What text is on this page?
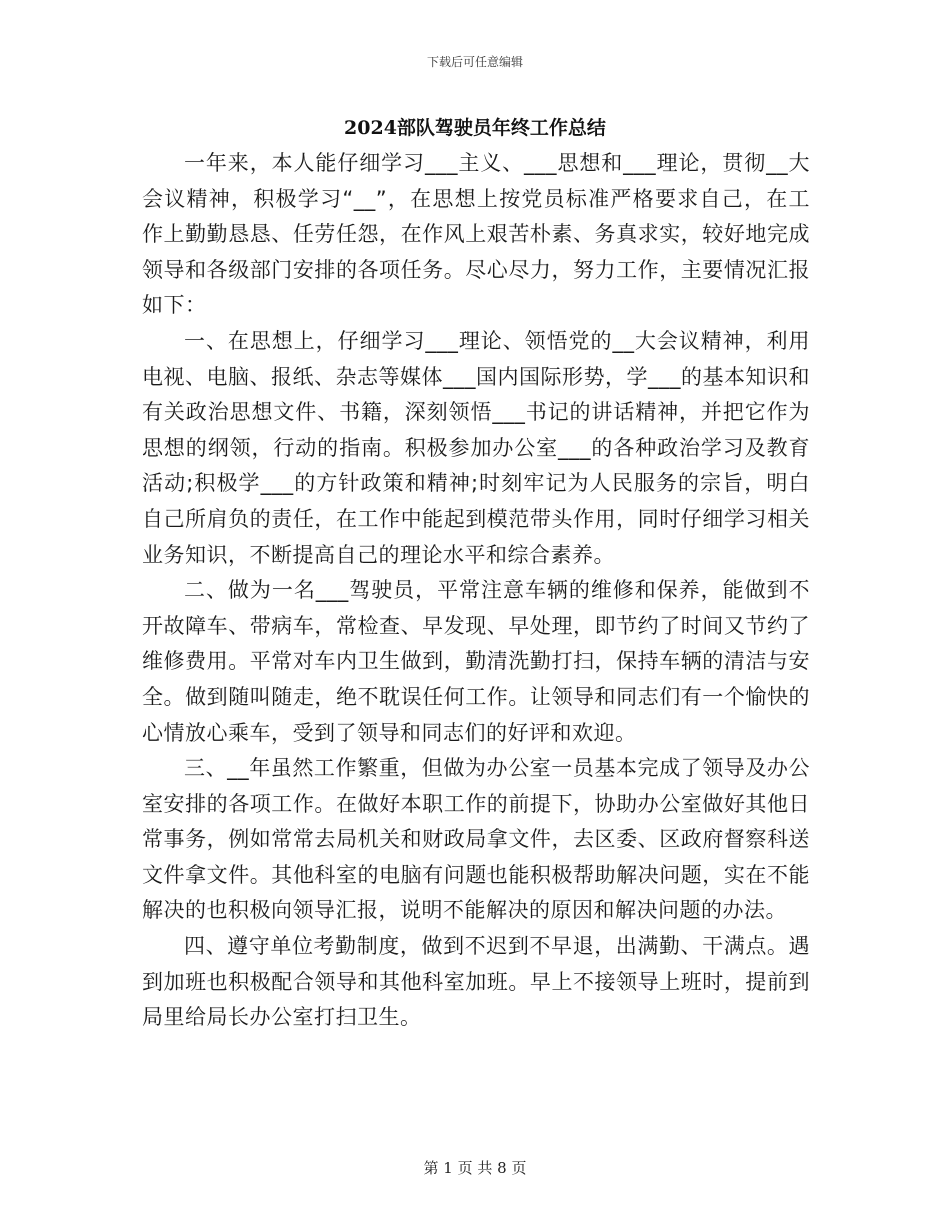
下载后可任意编辑
2024部队驾驶员年终工作总结

一年来，本人能仔细学习___主义、___思想和___理论，贯彻__大会议精神，积极学习“__”，在思想上按党员标准严格要求自己，在工作上勤勤恳恳、任劳任怨，在作风上艰苦朴素、务真求实，较好地完成领导和各级部门安排的各项任务。尽心尽力，努力工作，主要情况汇报如下：

一、在思想上，仔细学习___理论、领悟党的__大会议精神，利用电视、电脑、报纸、杂志等媒体___国内国际形势，学___的基本知识和有关政治思想文件、书籍，深刻领悟___书记的讲话精神，并把它作为思想的纲领，行动的指南。积极参加办公室___的各种政治学习及教育活动;积极学___的方针政策和精神;时刻牢记为人民服务的宗旨，明白自己所肩负的责任，在工作中能起到模范带头作用，同时仔细学习相关业务知识，不断提高自己的理论水平和综合素养。

二、做为一名___驾驶员，平常注意车辆的维修和保养，能做到不开故障车、带病车，常检查、早发现、早处理，即节约了时间又节约了维修费用。平常对车内卫生做到，勤清洗勤打扫，保持车辆的清洁与安全。做到随叫随走，绝不耽误任何工作。让领导和同志们有一个愉快的心情放心乘车，受到了领导和同志们的好评和欢迎。

三、__年虽然工作繁重，但做为办公室一员基本完成了领导及办公室安排的各项工作。在做好本职工作的前提下，协助办公室做好其他日常事务，例如常常去局机关和财政局拿文件，去区委、区政府督察科送文件拿文件。其他科室的电脑有问题也能积极帮助解决问题，实在不能解决的也积极向领导汇报，说明不能解决的原因和解决问题的办法。

四、遵守单位考勤制度，做到不迟到不早退，出满勤、干满点。遇到加班也积极配合领导和其他科室加班。早上不接领导上班时，提前到局里给局长办公室打扫卫生。

第 1 页 共 8 页
